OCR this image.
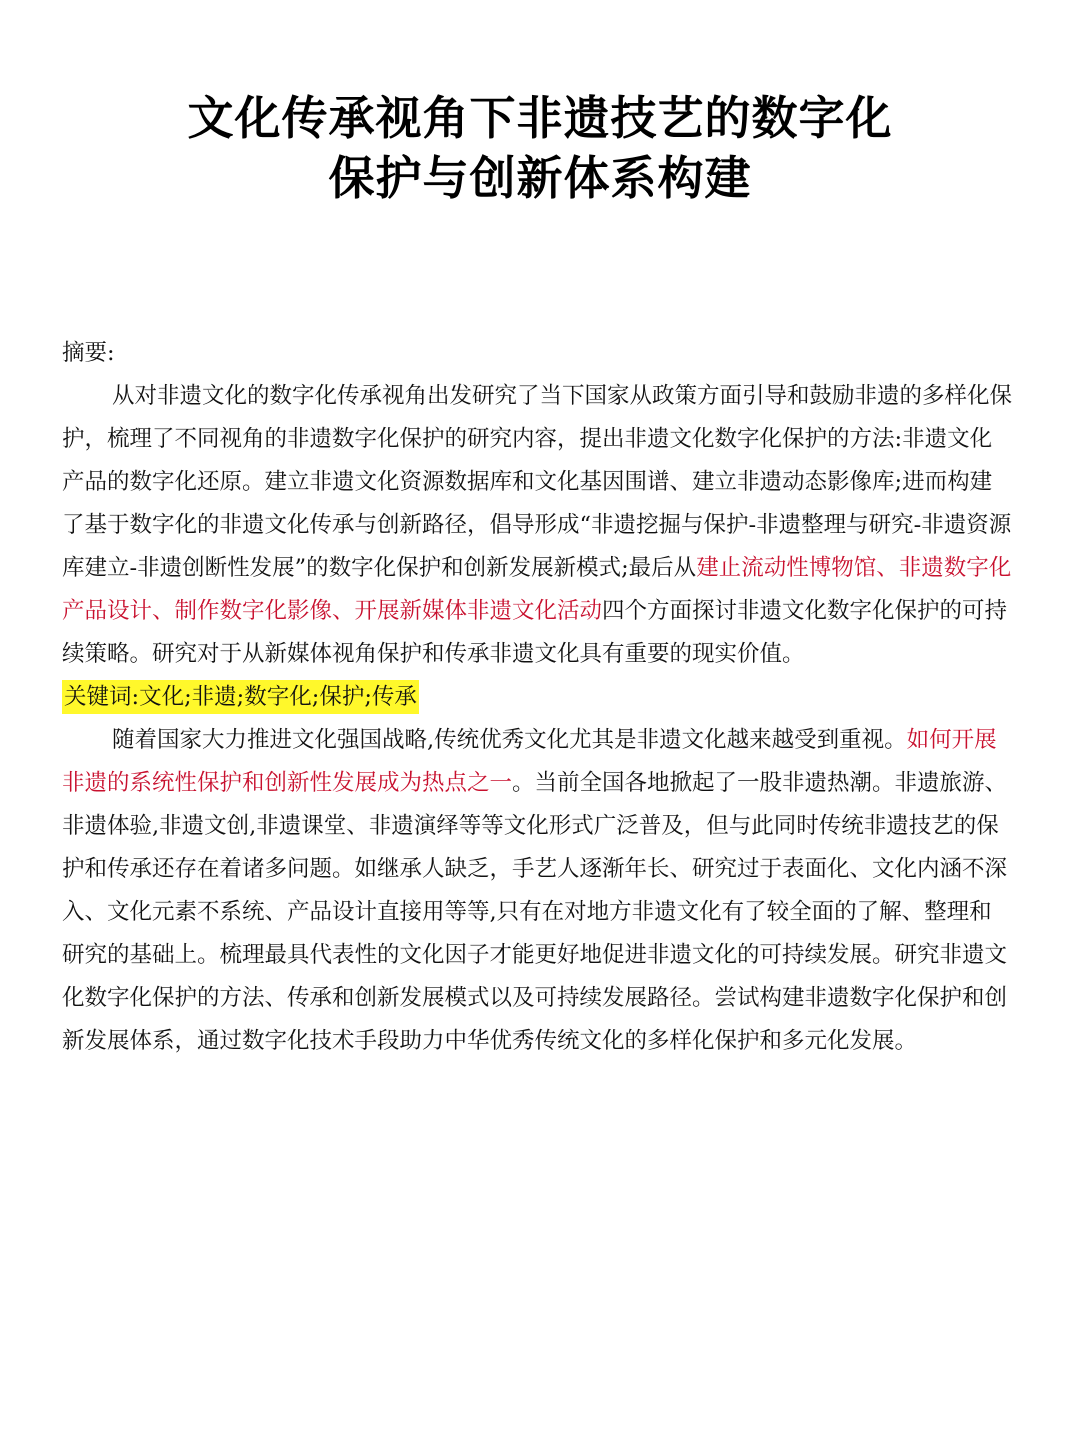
文化传承视角下非遗技艺的数字化
保护与创新体系构建

摘要:

从对非遗文化的数字化传承视角出发研究了当下国家从政策方面引导和鼓励非遗的多样化保护，梳理了不同视角的非遗数字化保护的研究内容，提出非遗文化数字化保护的方法:非遗文化产品的数字化还原。建立非遗文化资源数据库和文化基因围谱、建立非遗动态影像库;进而构建了基于数字化的非遗文化传承与创新路径，倡导形成“非遗挖掘与保护-非遗整理与研究-非遗资源库建立-非遗创断性发展”的数字化保护和创新发展新模式;最后从建止流动性博物馆、非遗数字化产品设计、制作数字化影像、开展新媒体非遗文化活动四个方面探讨非遗文化数字化保护的可持续策略。研究对于从新媒体视角保护和传承非遗文化具有重要的现实价值。

关键词:文化;非遗;数字化;保护;传承

随着国家大力推进文化强国战略,传统优秀文化尤其是非遗文化越来越受到重视。如何开展非遗的系统性保护和创新性发展成为热点之一。当前全国各地掀起了一股非遗热潮。非遗旅游、非遗体验,非遗文创,非遗课堂、非遗演绎等等文化形式广泛普及，但与此同时传统非遗技艺的保护和传承还存在着诸多问题。如继承人缺乏，手艺人逐渐年长、研究过于表面化、文化内涵不深入、文化元素不系统、产品设计直接用等等,只有在对地方非遗文化有了较全面的了解、整理和研究的基础上。梳理最具代表性的文化因子才能更好地促进非遗文化的可持续发展。研究非遗文化数字化保护的方法、传承和创新发展模式以及可持续发展路径。尝试构建非遗数字化保护和创新发展体系，通过数字化技术手段助力中华优秀传统文化的多样化保护和多元化发展。
